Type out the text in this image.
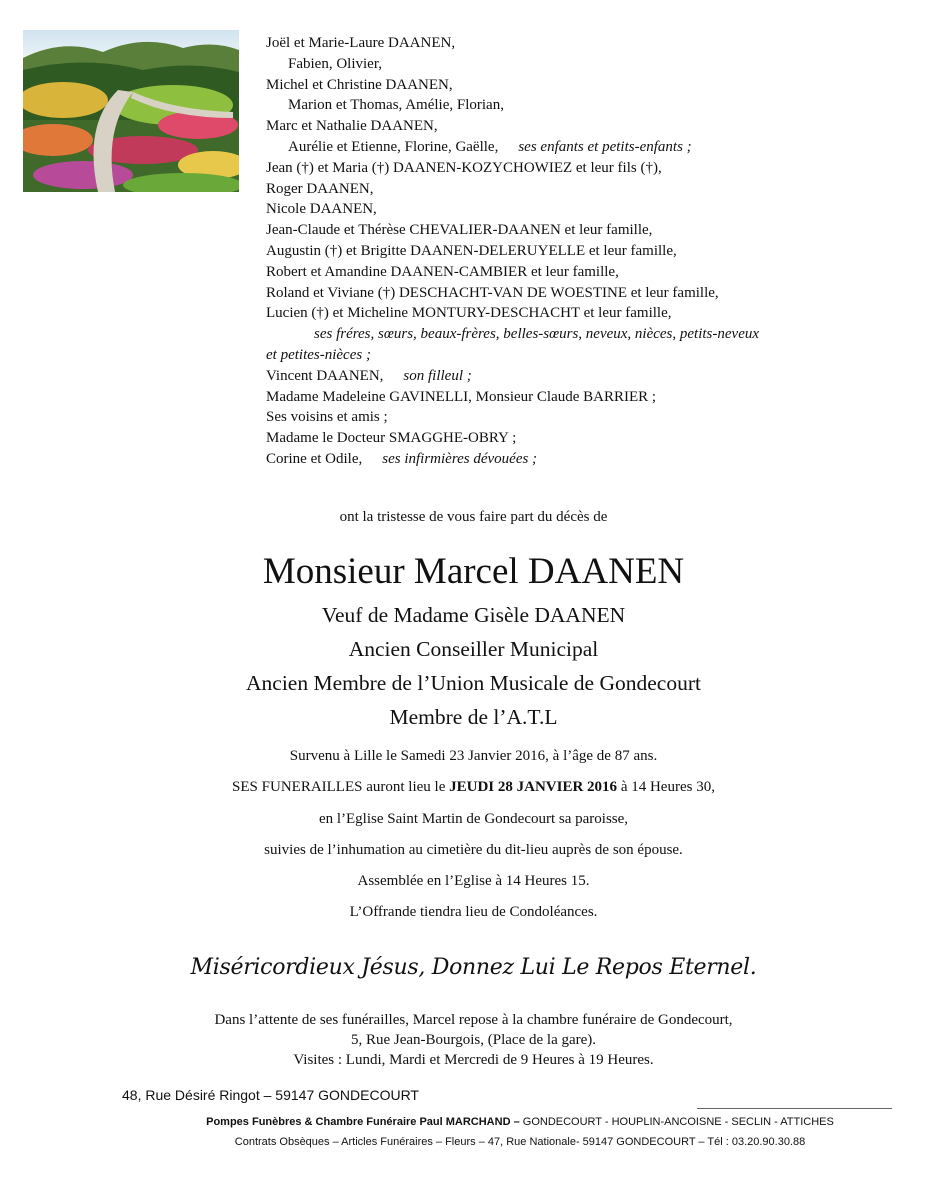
Joël et Marie-Laure DAANEN,
Fabien, Olivier,
Michel et Christine DAANEN,
Marion et Thomas, Amélie, Florian,
Marc et Nathalie DAANEN,
Aurélie et Etienne, Florine, Gaëlle, ses enfants et petits-enfants ;
Jean (†) et Maria (†) DAANEN-KOZYCHOWIEZ et leur fils (†),
Roger DAANEN,
Nicole DAANEN,
Jean-Claude et Thérèse CHEVALIER-DAANEN et leur famille,
Augustin (†) et Brigitte DAANEN-DELERUYELLE et leur famille,
Robert et Amandine DAANEN-CAMBIER et leur famille,
Roland et Viviane (†) DESCHACHT-VAN DE WOESTINE et leur famille,
Lucien (†) et Micheline MONTURY-DESCHACHT et leur famille,
ses fréres, sœurs, beaux-frères, belles-sœurs, neveux, nièces, petits-neveux
et petites-nièces ;
Vincent DAANEN, son filleul ;
Madame Madeleine GAVINELLI, Monsieur Claude BARRIER ;
Ses voisins et amis ;
Madame le Docteur SMAGGHE-OBRY ;
Corine et Odile, ses infirmières dévouées ;
ont la tristesse de vous faire part du décès de
Monsieur Marcel DAANEN
Veuf de Madame Gisèle DAANEN
Ancien Conseiller Municipal
Ancien Membre de l’Union Musicale de Gondecourt
Membre de l’A.T.L
Survenu à Lille le Samedi 23 Janvier 2016, à l’âge de 87 ans.
SES FUNERAILLES auront lieu le JEUDI 28 JANVIER 2016 à 14 Heures 30,
en l’Eglise Saint Martin de Gondecourt sa paroisse,
suivies de l’inhumation au cimetière du dit-lieu auprès de son épouse.
Assemblée en l’Eglise à 14 Heures 15.
L’Offrande tiendra lieu de Condoléances.
Miséricordieux Jésus, Donnez Lui Le Repos Eternel.
Dans l’attente de ses funérailles, Marcel repose à la chambre funéraire de Gondecourt,
5, Rue Jean-Bourgois, (Place de la gare).
Visites : Lundi, Mardi et Mercredi de 9 Heures à 19 Heures.
48, Rue Désiré Ringot – 59147 GONDECOURT
Pompes Funèbres & Chambre Funéraire Paul MARCHAND – GONDECOURT - HOUPLIN-ANCOISNE - SECLIN - ATTICHES
Contrats Obsèques – Articles Funéraires – Fleurs – 47, Rue Nationale- 59147 GONDECOURT – Tél : 03.20.90.30.88
